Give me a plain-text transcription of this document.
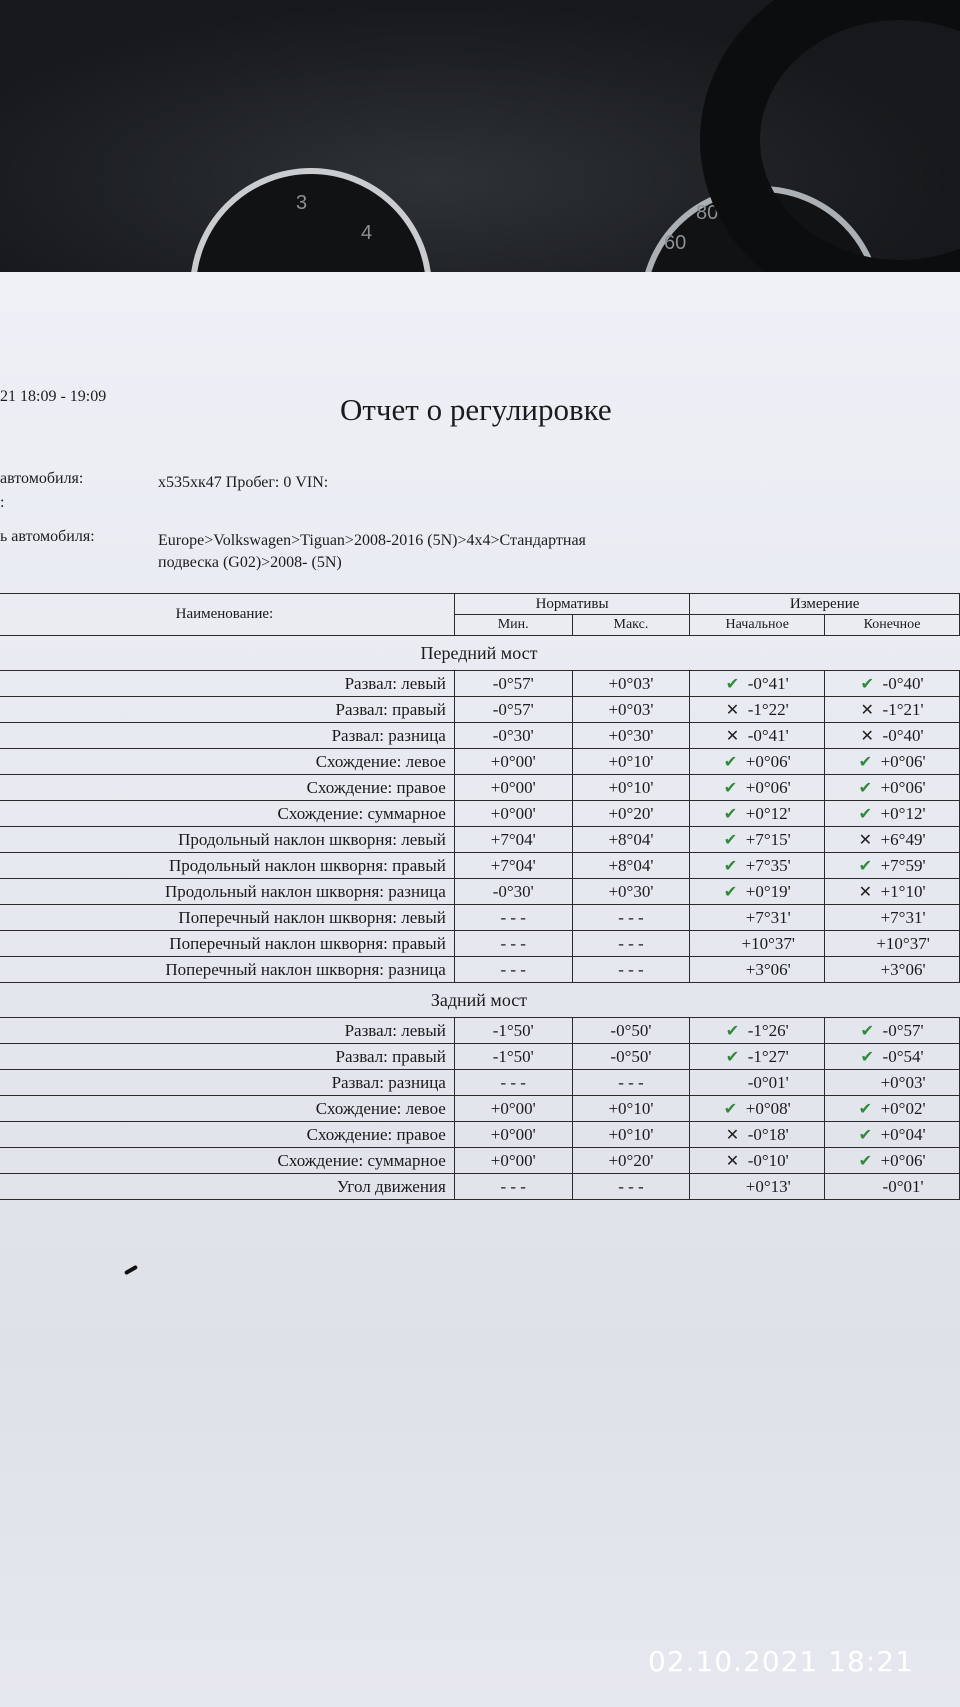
3
4	60
80 100
21 18:09 - 19:09	Отчет о регулировке
автомобиля:
:
х535хк47 Пробег: 0 VIN:
ь автомобиля:	Europe>Volkswagen>Tiguan>2008-2016 (5N)>4x4>Стандартная
подвеска (G02)>2008- (5N)
Наименование:	Нормативы		Измерение	
	Мин.	Макс.	Начальное	Конечное
Передний мост				
Развал: левый	-0°57'	+0°03'	✔ -0°41'	✔ -0°40'
Развал: правый	-0°57'	+0°03'	✕ -1°22'	✕ -1°21'
Развал: разница	-0°30'	+0°30'	✕ -0°41'	✕ -0°40'
Схождение: левое	+0°00'	+0°10'	✔ +0°06'	✔ +0°06'
Схождение: правое	+0°00'	+0°10'	✔ +0°06'	✔ +0°06'
Схождение: суммарное	+0°00'	+0°20'	✔ +0°12'	✔ +0°12'
Продольный наклон шкворня: левый	+7°04'	+8°04'	✔ +7°15'	✕ +6°49'
Продольный наклон шкворня: правый	+7°04'	+8°04'	✔ +7°35'	✔ +7°59'
Продольный наклон шкворня: разница	-0°30'	+0°30'	✔ +0°19'	✕ +1°10'
Поперечный наклон шкворня: левый	- - -	- - -	+7°31'	+7°31'
Поперечный наклон шкворня: правый	- - -	- - -	+10°37'	+10°37'
Поперечный наклон шкворня: разница	- - -	- - -	+3°06'	+3°06'
Задний мост				
Развал: левый	-1°50'	-0°50'	✔ -1°26'	✔ -0°57'
Развал: правый	-1°50'	-0°50'	✔ -1°27'	✔ -0°54'
Развал: разница	- - -	- - -	-0°01'	+0°03'
Схождение: левое	+0°00'	+0°10'	✔ +0°08'	✔ +0°02'
Схождение: правое	+0°00'	+0°10'	✕ -0°18'	✔ +0°04'
Схождение: суммарное	+0°00'	+0°20'	✕ -0°10'	✔ +0°06'
Угол движения	- - -	- - -	+0°13'	-0°01'
02.10.2021 18:21
